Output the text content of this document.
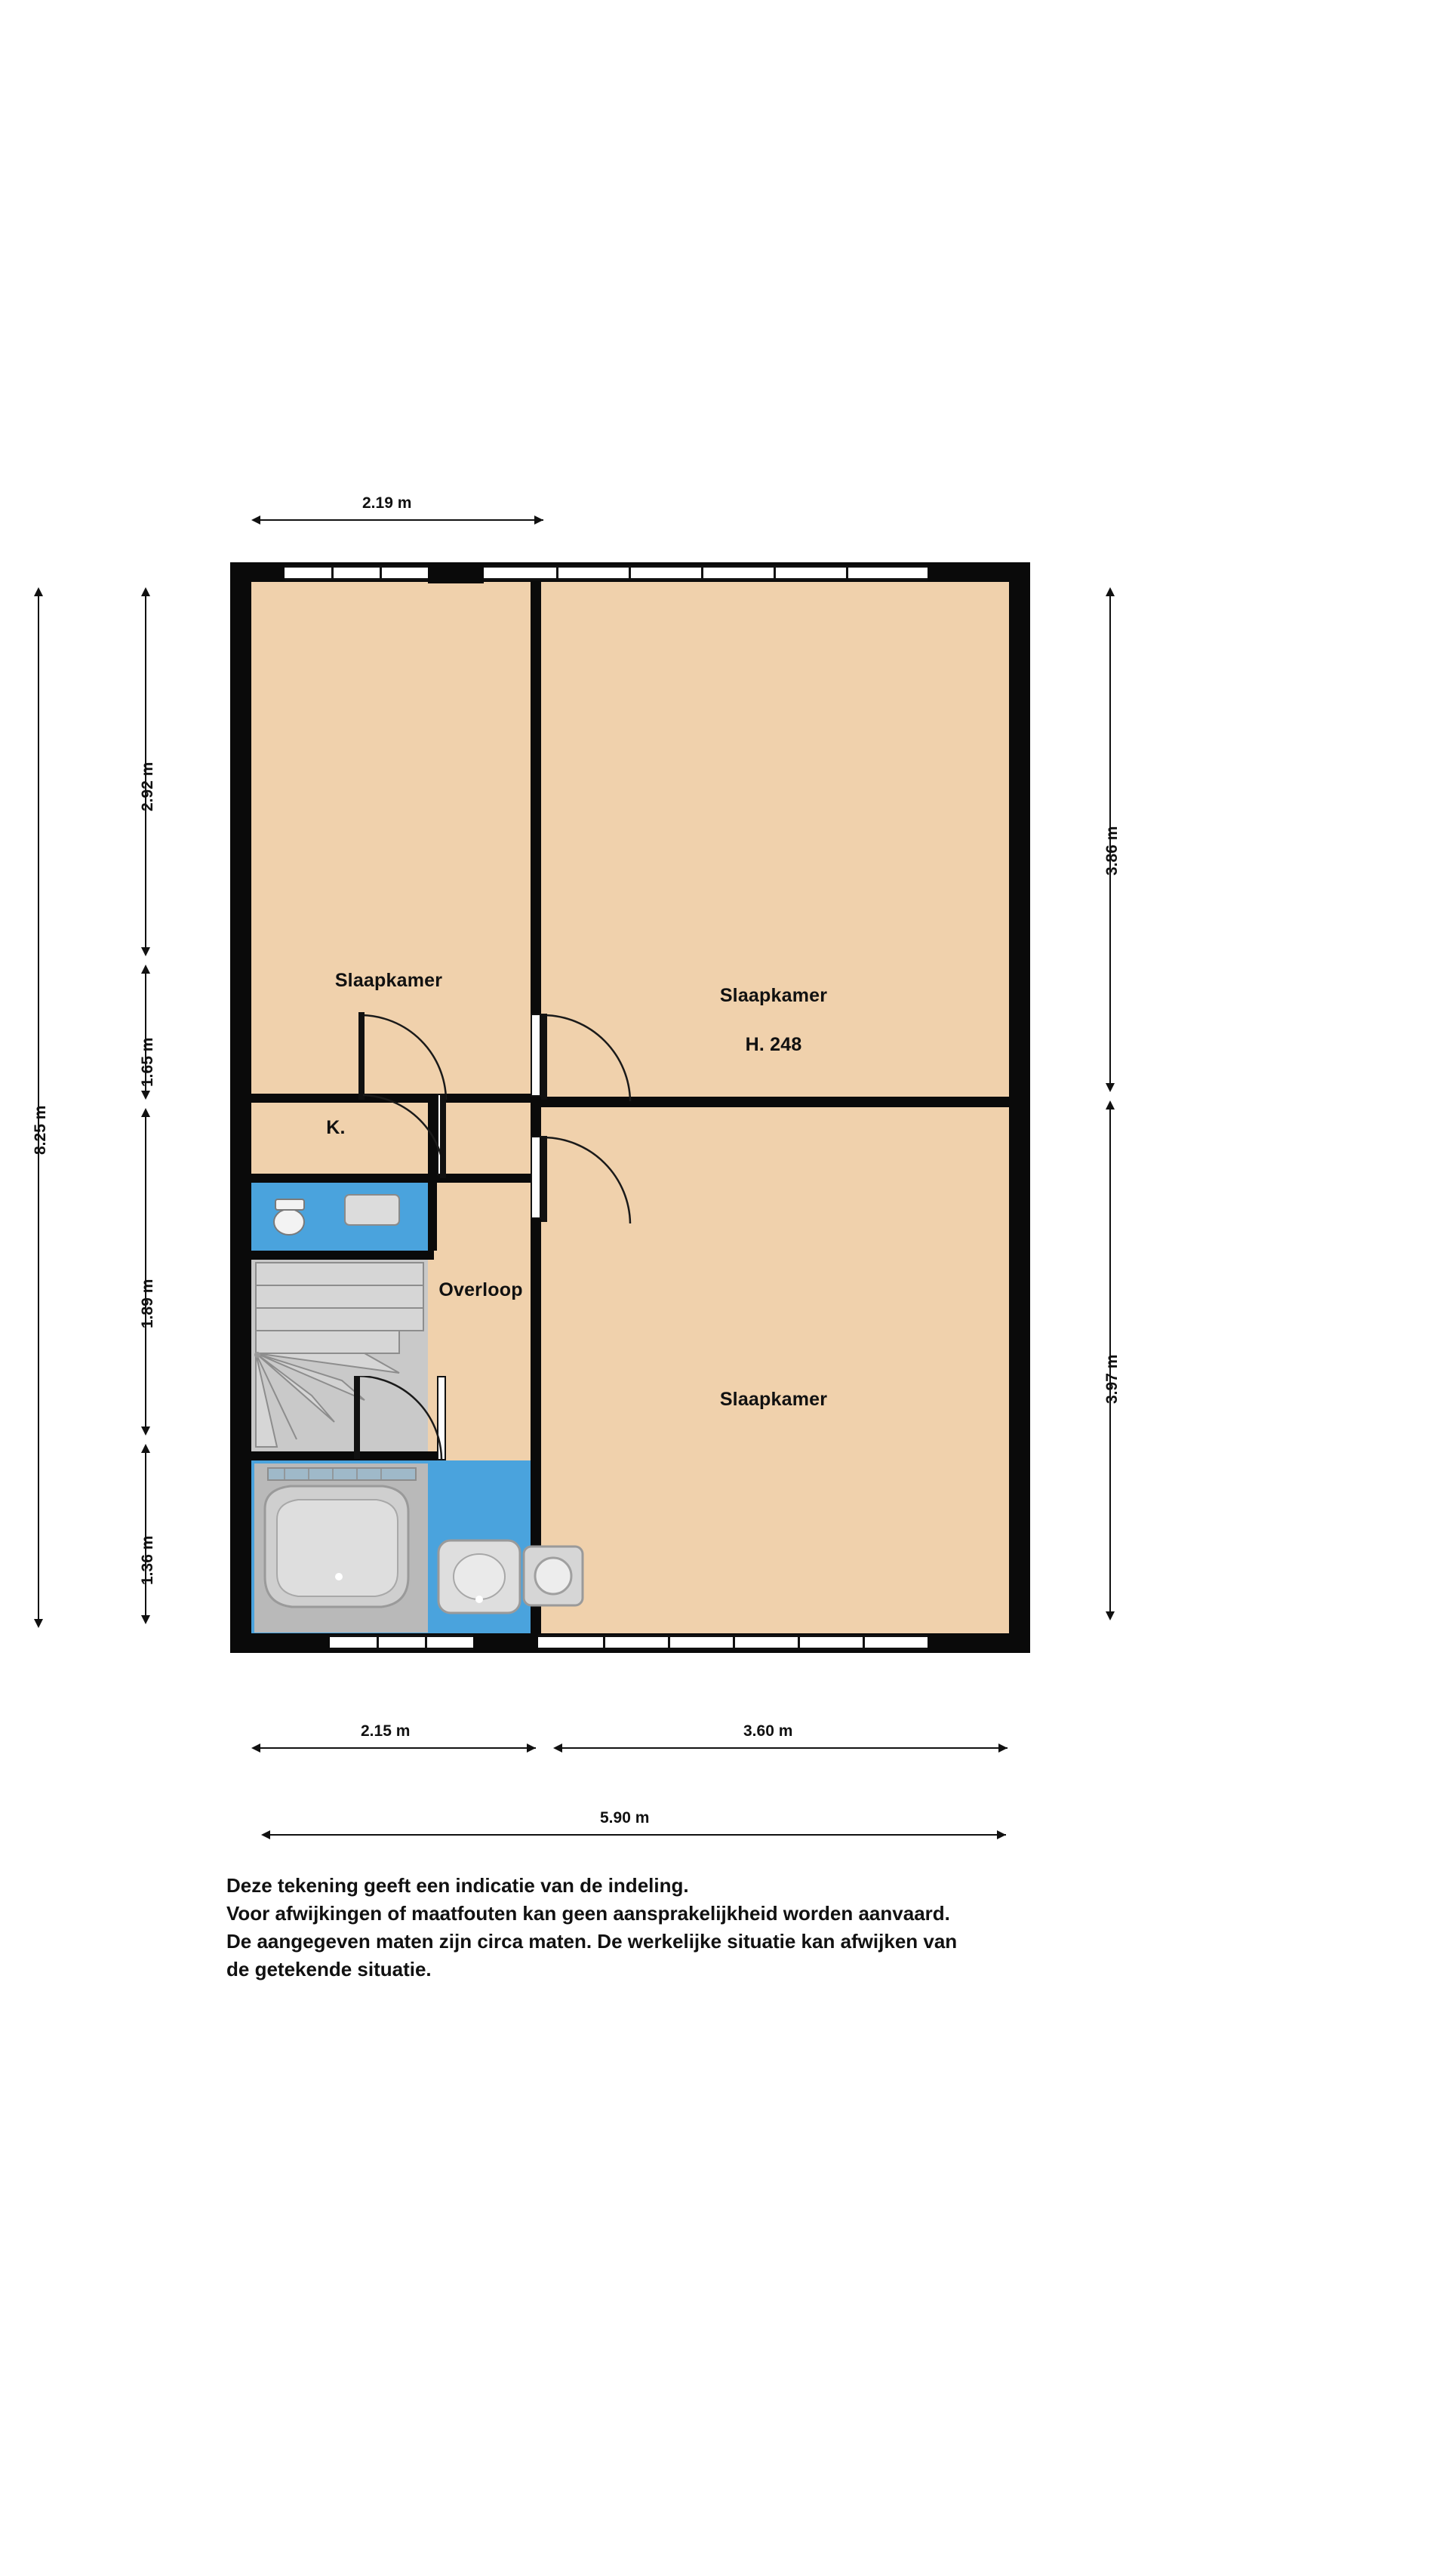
Slaapkamer
Slaapkamer
H. 248
K.
Overloop
Slaapkamer
2.19 m
8.25 m
2.92 m
1.65 m
1.89 m
1.36 m
3.86 m
3.97 m
2.15 m	3.60 m
5.90 m
Deze tekening geeft een indicatie van de indeling.
Voor afwijkingen of maatfouten kan geen aansprakelijkheid worden aanvaard.
De aangegeven maten zijn circa maten. De werkelijke situatie kan afwijken van
de getekende situatie.
